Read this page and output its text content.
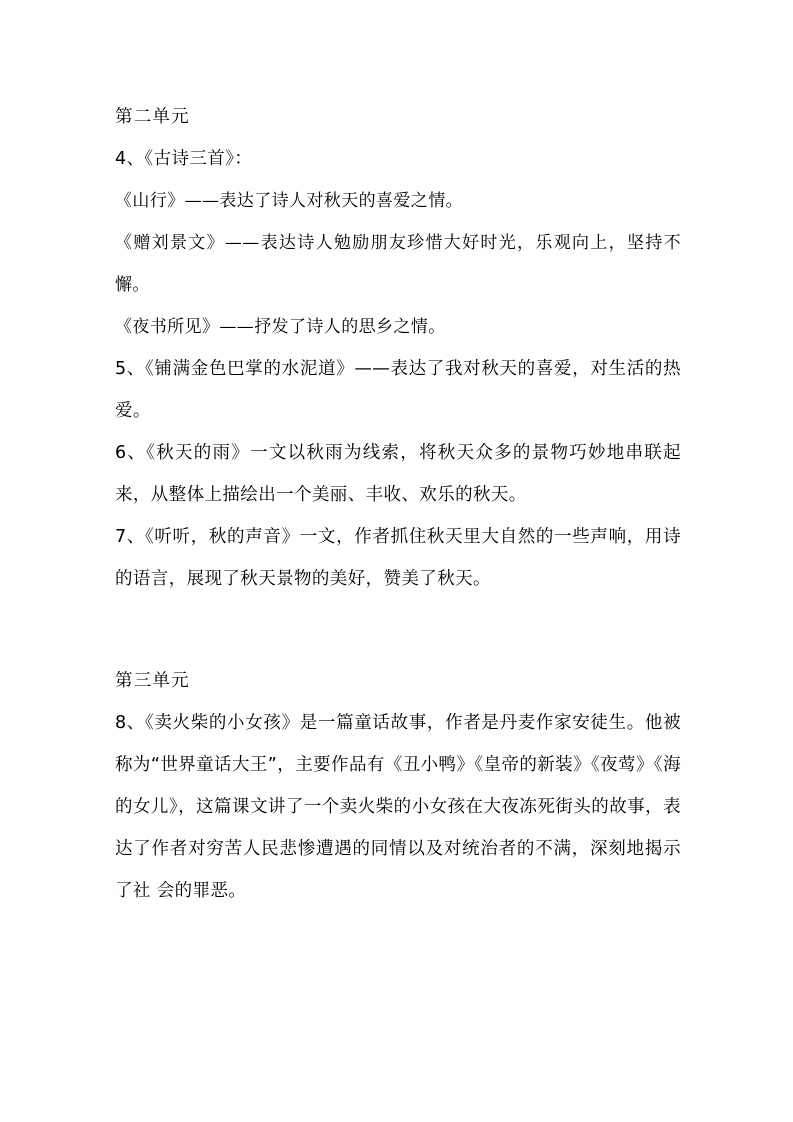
第二单元

4、《古诗三首》：

《山行》——表达了诗人对秋天的喜爱之情。

《赠刘景文》——表达诗人勉励朋友珍惜大好时光，乐观向上，坚持不懈。

《夜书所见》——抒发了诗人的思乡之情。

5、《铺满金色巴掌的水泥道》——表达了我对秋天的喜爱，对生活的热爱。

6、《秋天的雨》一文以秋雨为线索，将秋天众多的景物巧妙地串联起来，从整体上描绘出一个美丽、丰收、欢乐的秋天。

7、《听听，秋的声音》一文，作者抓住秋天里大自然的一些声响，用诗的语言，展现了秋天景物的美好，赞美了秋天。

第三单元

8、《卖火柴的小女孩》是一篇童话故事，作者是丹麦作家安徒生。他被称为“世界童话大王”，主要作品有《丑小鸭》《皇帝的新装》《夜莺》《海的女儿》，这篇课文讲了一个卖火柴的小女孩在大夜冻死街头的故事，表达了作者对穷苦人民悲惨遭遇的同情以及对统治者的不满，深刻地揭示了社 会的罪恶。
